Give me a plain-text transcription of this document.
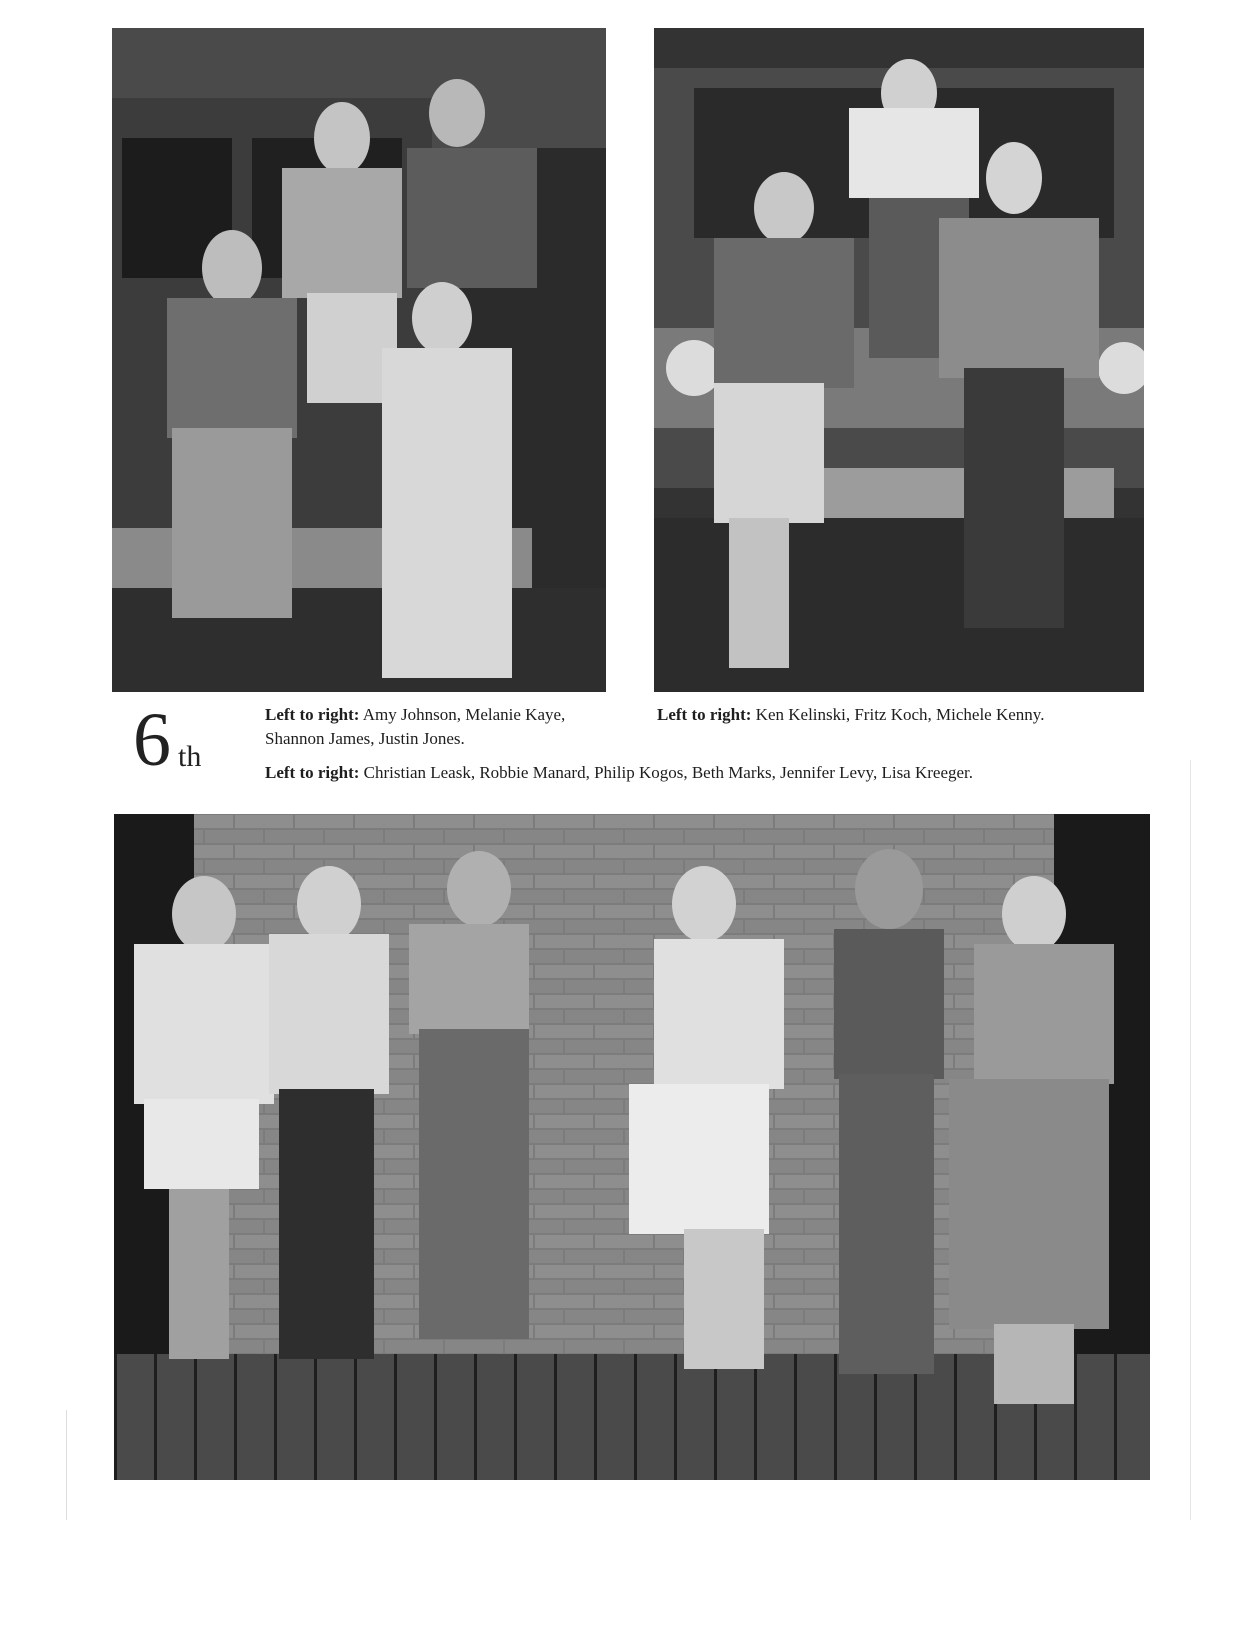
6 th
Left to right: Amy Johnson, Melanie Kaye, Shannon James, Justin Jones.
Left to right: Ken Kelinski, Fritz Koch, Michele Kenny.
Left to right: Christian Leask, Robbie Manard, Philip Kogos, Beth Marks, Jennifer Levy, Lisa Kreeger.
